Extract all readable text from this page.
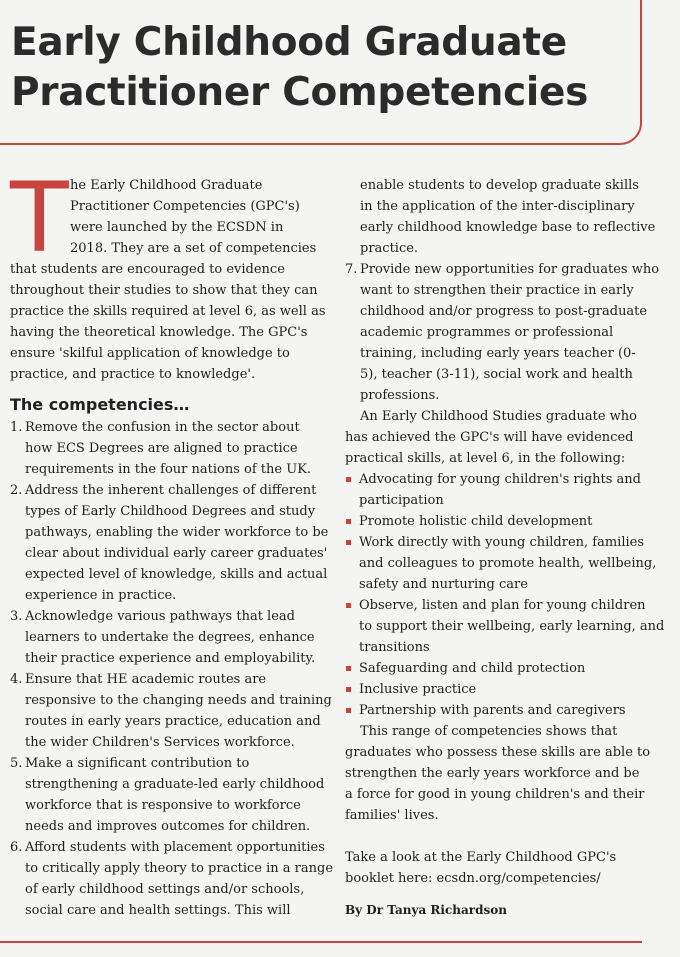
Early Childhood Graduate
Practitioner Competencies
T he Early Childhood Graduate
Practitioner Competencies (GPC's)
were launched by the ECSDN in
2018. They are a set of competencies
that students are encouraged to evidence
throughout their studies to show that they can
practice the skills required at level 6, as well as
having the theoretical knowledge. The GPC's
ensure 'skilful application of knowledge to
practice, and practice to knowledge'.
The competencies…
1. Remove the confusion in the sector about
how ECS Degrees are aligned to practice
requirements in the four nations of the UK.
2. Address the inherent challenges of different
types of Early Childhood Degrees and study
pathways, enabling the wider workforce to be
clear about individual early career graduates'
expected level of knowledge, skills and actual
experience in practice.
3. Acknowledge various pathways that lead
learners to undertake the degrees, enhance
their practice experience and employability.
4. Ensure that HE academic routes are
responsive to the changing needs and training
routes in early years practice, education and
the wider Children's Services workforce.
5. Make a significant contribution to
strengthening a graduate-led early childhood
workforce that is responsive to workforce
needs and improves outcomes for children.
6. Afford students with placement opportunities
to critically apply theory to practice in a range
of early childhood settings and/or schools,
social care and health settings. This will
enable students to develop graduate skills
in the application of the inter-disciplinary
early childhood knowledge base to reflective
practice.
7. Provide new opportunities for graduates who
want to strengthen their practice in early
childhood and/or progress to post-graduate
academic programmes or professional
training, including early years teacher (0-
5), teacher (3-11), social work and health
professions.
An Early Childhood Studies graduate who
has achieved the GPC's will have evidenced
practical skills, at level 6, in the following:
Advocating for young children's rights and
participation
Promote holistic child development
Work directly with young children, families
and colleagues to promote health, wellbeing,
safety and nurturing care
Observe, listen and plan for young children
to support their wellbeing, early learning, and
transitions
Safeguarding and child protection
Inclusive practice
Partnership with parents and caregivers
This range of competencies shows that
graduates who possess these skills are able to
strengthen the early years workforce and be
a force for good in young children's and their
families' lives.
Take a look at the Early Childhood GPC's
booklet here: ecsdn.org/competencies/
By Dr Tanya Richardson
